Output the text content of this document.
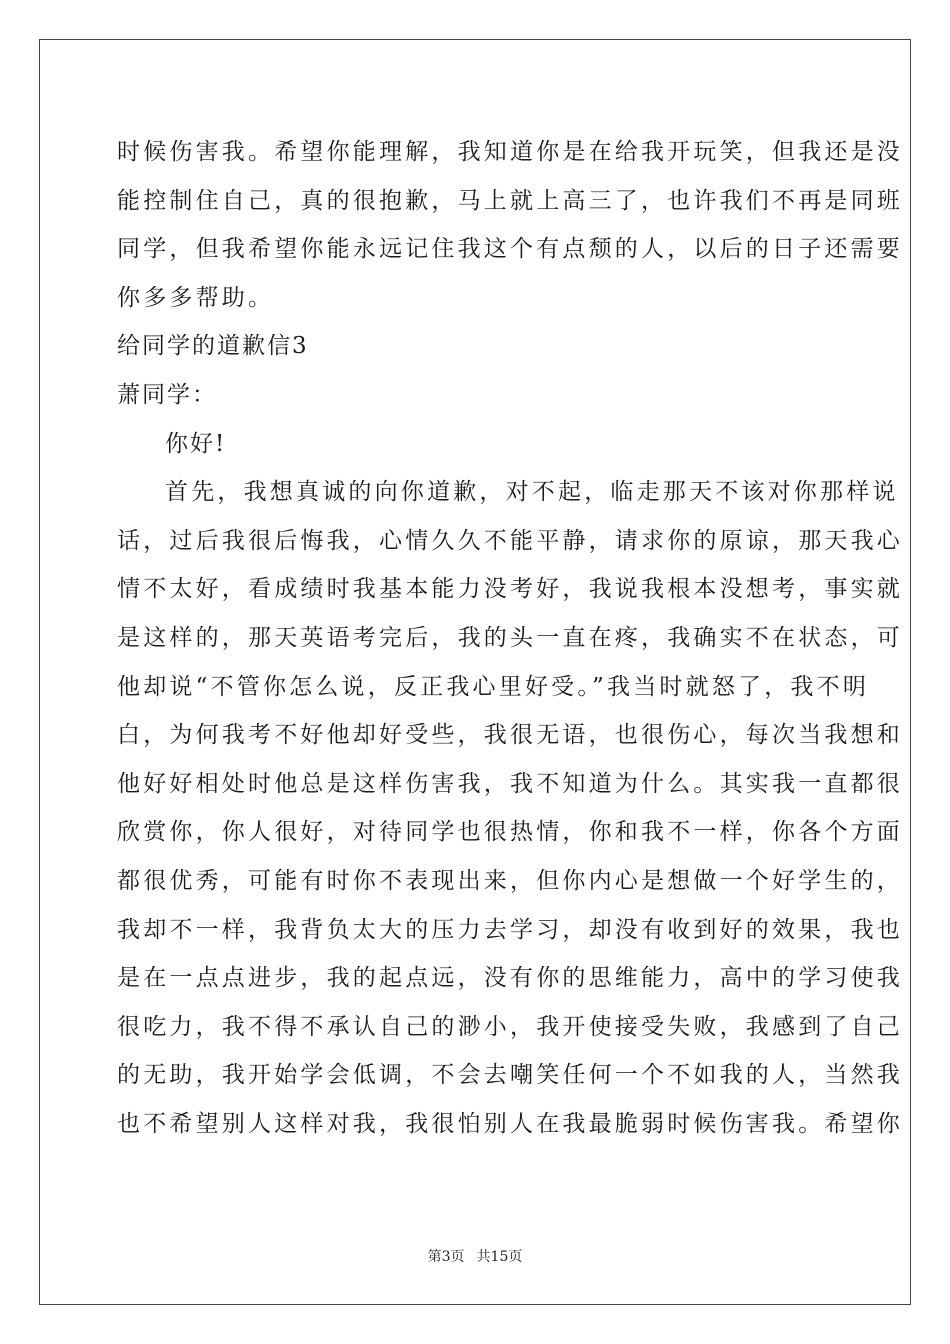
时候伤害我。希望你能理解，我知道你是在给我开玩笑，但我还是没
能控制住自己，真的很抱歉，马上就上高三了，也许我们不再是同班
同学，但我希望你能永远记住我这个有点颓的人，以后的日子还需要
你多多帮助。
给同学的道歉信3
萧同学：
你好!
首先，我想真诚的向你道歉，对不起，临走那天不该对你那样说
话，过后我很后悔我，心情久久不能平静，请求你的原谅，那天我心
情不太好，看成绩时我基本能力没考好，我说我根本没想考，事实就
是这样的，那天英语考完后，我的头一直在疼，我确实不在状态，可
他却说“不管你怎么说，反正我心里好受。”我当时就怒了，我不明
白，为何我考不好他却好受些，我很无语，也很伤心，每次当我想和
他好好相处时他总是这样伤害我，我不知道为什么。其实我一直都很
欣赏你，你人很好，对待同学也很热情，你和我不一样，你各个方面
都很优秀，可能有时你不表现出来，但你内心是想做一个好学生的，
我却不一样，我背负太大的压力去学习，却没有收到好的效果，我也
是在一点点进步，我的起点远，没有你的思维能力，高中的学习使我
很吃力，我不得不承认自己的渺小，我开使接受失败，我感到了自己
的无助，我开始学会低调，不会去嘲笑任何一个不如我的人，当然我
也不希望别人这样对我，我很怕别人在我最脆弱时候伤害我。希望你
第3页 共15页
